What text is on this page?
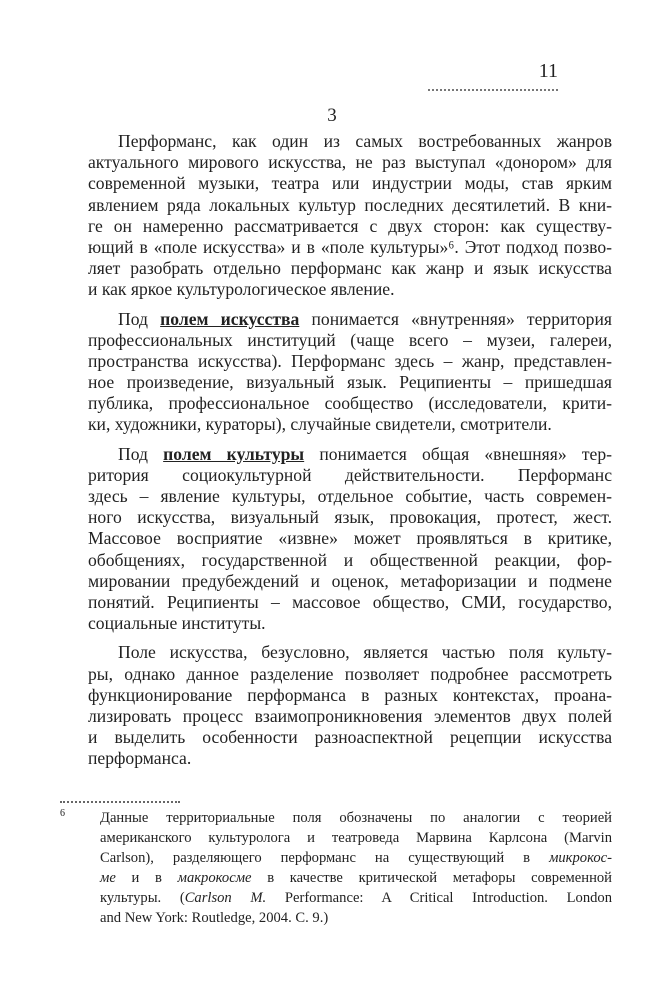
11
3
Перформанс, как один из самых востребованных жанров
актуального мирового искусства, не раз выступал «донором» для
современной музыки, театра или индустрии моды, став ярким
явлением ряда локальных культур последних десятилетий. В кни-
ге он намеренно рассматривается с двух сторон: как существу-
ющий в «поле искусства» и в «поле культуры»⁶. Этот подход позво-
ляет разобрать отдельно перформанс как жанр и язык искусства
и как яркое культурологическое явление.
Под полем искусства понимается «внутренняя» территория
профессиональных институций (чаще всего – музеи, галереи,
пространства искусства). Перформанс здесь – жанр, представлен-
ное произведение, визуальный язык. Реципиенты – пришедшая
публика, профессиональное сообщество (исследователи, крити-
ки, художники, кураторы), случайные свидетели, смотрители.
Под полем культуры понимается общая «внешняя» тер-
ритория социокультурной действительности. Перформанс
здесь – явление культуры, отдельное событие, часть современ-
ного искусства, визуальный язык, провокация, протест, жест.
Массовое восприятие «извне» может проявляться в критике,
обобщениях, государственной и общественной реакции, фор-
мировании предубеждений и оценок, метафоризации и подмене
понятий. Реципиенты – массовое общество, СМИ, государство,
социальные институты.
Поле искусства, безусловно, является частью поля культу-
ры, однако данное разделение позволяет подробнее рассмотреть
функционирование перформанса в разных контекстах, проана-
лизировать процесс взаимопроникновения элементов двух полей
и выделить особенности разноаспектной рецепции искусства
перформанса.
6 Данные территориальные поля обозначены по аналогии с теорией
американского культуролога и театроведа Марвина Карлсона (Marvin
Carlson), разделяющего перформанс на существующий в микрокос-
ме и в макрокосме в качестве критической метафоры современной
культуры. (Carlson M. Performance: A Critical Introduction. London
and New York: Routledge, 2004. С. 9.)
